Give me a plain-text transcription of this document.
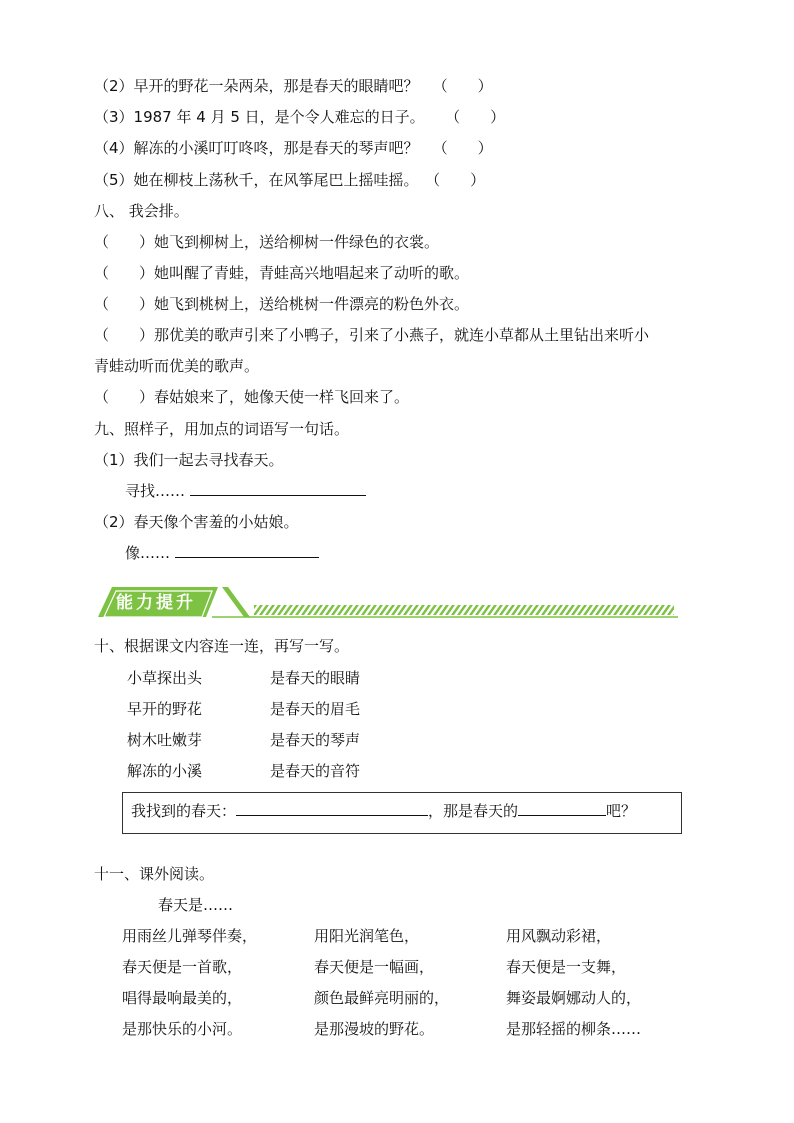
（2）早开的野花一朵两朵，那是春天的眼睛吧？ （　　）
（3）1987 年 4 月 5 日，是个令人难忘的日子。 （　　）
（4）解冻的小溪叮叮咚咚，那是春天的琴声吧？ （　　）
（5）她在柳枝上荡秋千，在风筝尾巴上摇哇摇。 （　　）
八、 我会排。
（　　）她飞到柳树上，送给柳树一件绿色的衣裳。
（　　）她叫醒了青蛙，青蛙高兴地唱起来了动听的歌。
（　　）她飞到桃树上，送给桃树一件漂亮的粉色外衣。
（　　）那优美的歌声引来了小鸭子，引来了小燕子，就连小草都从土里钻出来听小
青蛙动听而优美的歌声。
（　　）春姑娘来了，她像天使一样飞回来了。
九、照样子，用加点的词语写一句话。
（1）我们一起去寻找春天。
寻找……
（2）春天像个害羞的小姑娘。
像……
能力提升
十、根据课文内容连一连，再写一写。
小草探出头
早开的野花
树木吐嫩芽
解冻的小溪
是春天的眼睛
是春天的眉毛
是春天的琴声
是春天的音符
我找到的春天：	，那是春天的	吧？
十一、课外阅读。
春天是……
用雨丝儿弹琴伴奏，
春天便是一首歌，
唱得最响最美的，
是那快乐的小河。
用阳光润笔色，
春天便是一幅画，
颜色最鲜亮明丽的，
是那漫坡的野花。
用风飘动彩裙，
春天便是一支舞，
舞姿最婀娜动人的，
是那轻摇的柳条……
